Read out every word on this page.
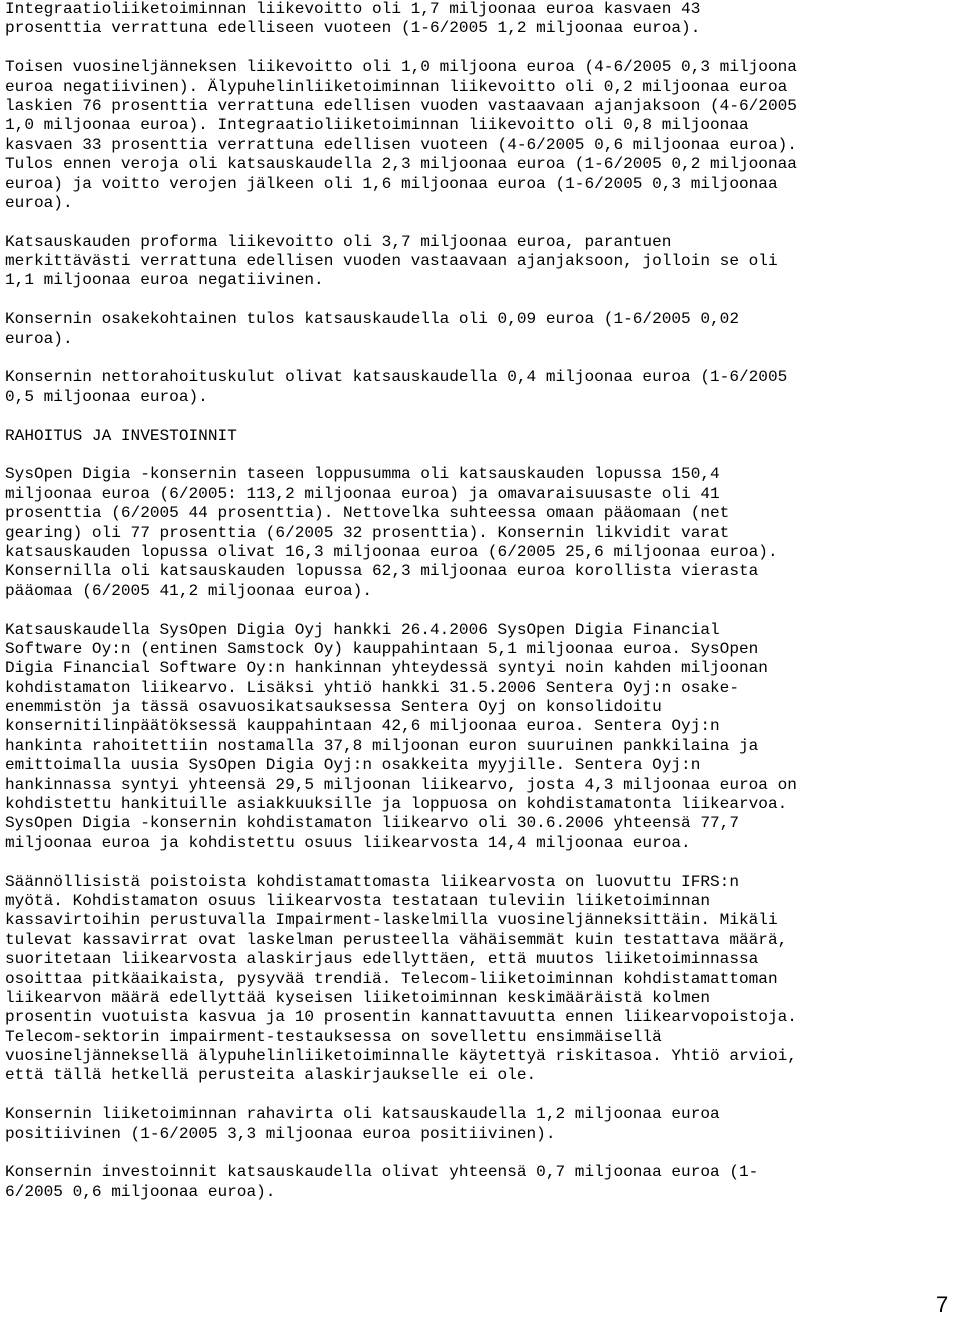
Integraatioliiketoiminnan liikevoitto oli 1,7 miljoonaa euroa kasvaen 43
prosenttia verrattuna edelliseen vuoteen (1-6/2005 1,2 miljoonaa euroa).
Toisen vuosineljänneksen liikevoitto oli 1,0 miljoona euroa (4-6/2005 0,3 miljoona
euroa negatiivinen). Älypuhelinliiketoiminnan liikevoitto oli 0,2 miljoonaa euroa
laskien 76 prosenttia verrattuna edellisen vuoden vastaavaan ajanjaksoon (4-6/2005
1,0 miljoonaa euroa). Integraatioliiketoiminnan liikevoitto oli 0,8 miljoonaa
kasvaen 33 prosenttia verrattuna edellisen vuoteen (4-6/2005 0,6 miljoonaa euroa).
Tulos ennen veroja oli katsauskaudella 2,3 miljoonaa euroa (1-6/2005 0,2 miljoonaa
euroa) ja voitto verojen jälkeen oli 1,6 miljoonaa euroa (1-6/2005 0,3 miljoonaa
euroa).
Katsauskauden proforma liikevoitto oli 3,7 miljoonaa euroa, parantuen
merkittävästi verrattuna edellisen vuoden vastaavaan ajanjaksoon, jolloin se oli
1,1 miljoonaa euroa negatiivinen.
Konsernin osakekohtainen tulos katsauskaudella oli 0,09 euroa (1-6/2005 0,02
euroa).
Konsernin nettorahoituskulut olivat katsauskaudella 0,4 miljoonaa euroa (1-6/2005
0,5 miljoonaa euroa).
RAHOITUS JA INVESTOINNIT
SysOpen Digia -konsernin taseen loppusumma oli katsauskauden lopussa 150,4
miljoonaa euroa (6/2005: 113,2 miljoonaa euroa) ja omavaraisuusaste oli 41
prosenttia (6/2005 44 prosenttia). Nettovelka suhteessa omaan pääomaan (net
gearing) oli 77 prosenttia (6/2005 32 prosenttia). Konsernin likvidit varat
katsauskauden lopussa olivat 16,3 miljoonaa euroa (6/2005 25,6 miljoonaa euroa).
Konsernilla oli katsauskauden lopussa 62,3 miljoonaa euroa korollista vierasta
pääomaa (6/2005 41,2 miljoonaa euroa).
Katsauskaudella SysOpen Digia Oyj hankki 26.4.2006 SysOpen Digia Financial
Software Oy:n (entinen Samstock Oy) kauppahintaan 5,1 miljoonaa euroa. SysOpen
Digia Financial Software Oy:n hankinnan yhteydessä syntyi noin kahden miljoonan
kohdistamaton liikearvo. Lisäksi yhtiö hankki 31.5.2006 Sentera Oyj:n osake-
enemmistön ja tässä osavuosikatsauksessa Sentera Oyj on konsolidoitu
konsernitilinpäätöksessä kauppahintaan 42,6 miljoonaa euroa. Sentera Oyj:n
hankinta rahoitettiin nostamalla 37,8 miljoonan euron suuruinen pankkilaina ja
emittoimalla uusia SysOpen Digia Oyj:n osakkeita myyjille. Sentera Oyj:n
hankinnassa syntyi yhteensä 29,5 miljoonan liikearvo, josta 4,3 miljoonaa euroa on
kohdistettu hankituille asiakkuuksille ja loppuosa on kohdistamatonta liikearvoa.
SysOpen Digia -konsernin kohdistamaton liikearvo oli 30.6.2006 yhteensä 77,7
miljoonaa euroa ja kohdistettu osuus liikearvosta 14,4 miljoonaa euroa.
Säännöllisistä poistoista kohdistamattomasta liikearvosta on luovuttu IFRS:n
myötä. Kohdistamaton osuus liikearvosta testataan tuleviin liiketoiminnan
kassavirtoihin perustuvalla Impairment-laskelmilla vuosineljänneksittäin. Mikäli
tulevat kassavirrat ovat laskelman perusteella vähäisemmät kuin testattava määrä,
suoritetaan liikearvosta alaskirjaus edellyttäen, että muutos liiketoiminnassa
osoittaa pitkäaikaista, pysyvää trendiä. Telecom-liiketoiminnan kohdistamattoman
liikearvon määrä edellyttää kyseisen liiketoiminnan keskimääräistä kolmen
prosentin vuotuista kasvua ja 10 prosentin kannattavuutta ennen liikearvopoistoja.
Telecom-sektorin impairment-testauksessa on sovellettu ensimmäisellä
vuosineljänneksellä älypuhelinliiketoiminnalle käytettyä riskitasoa. Yhtiö arvioi,
että tällä hetkellä perusteita alaskirjaukselle ei ole.
Konsernin liiketoiminnan rahavirta oli katsauskaudella 1,2 miljoonaa euroa
positiivinen (1-6/2005 3,3 miljoonaa euroa positiivinen).
Konsernin investoinnit katsauskaudella olivat yhteensä 0,7 miljoonaa euroa (1-
6/2005 0,6 miljoonaa euroa).
7
